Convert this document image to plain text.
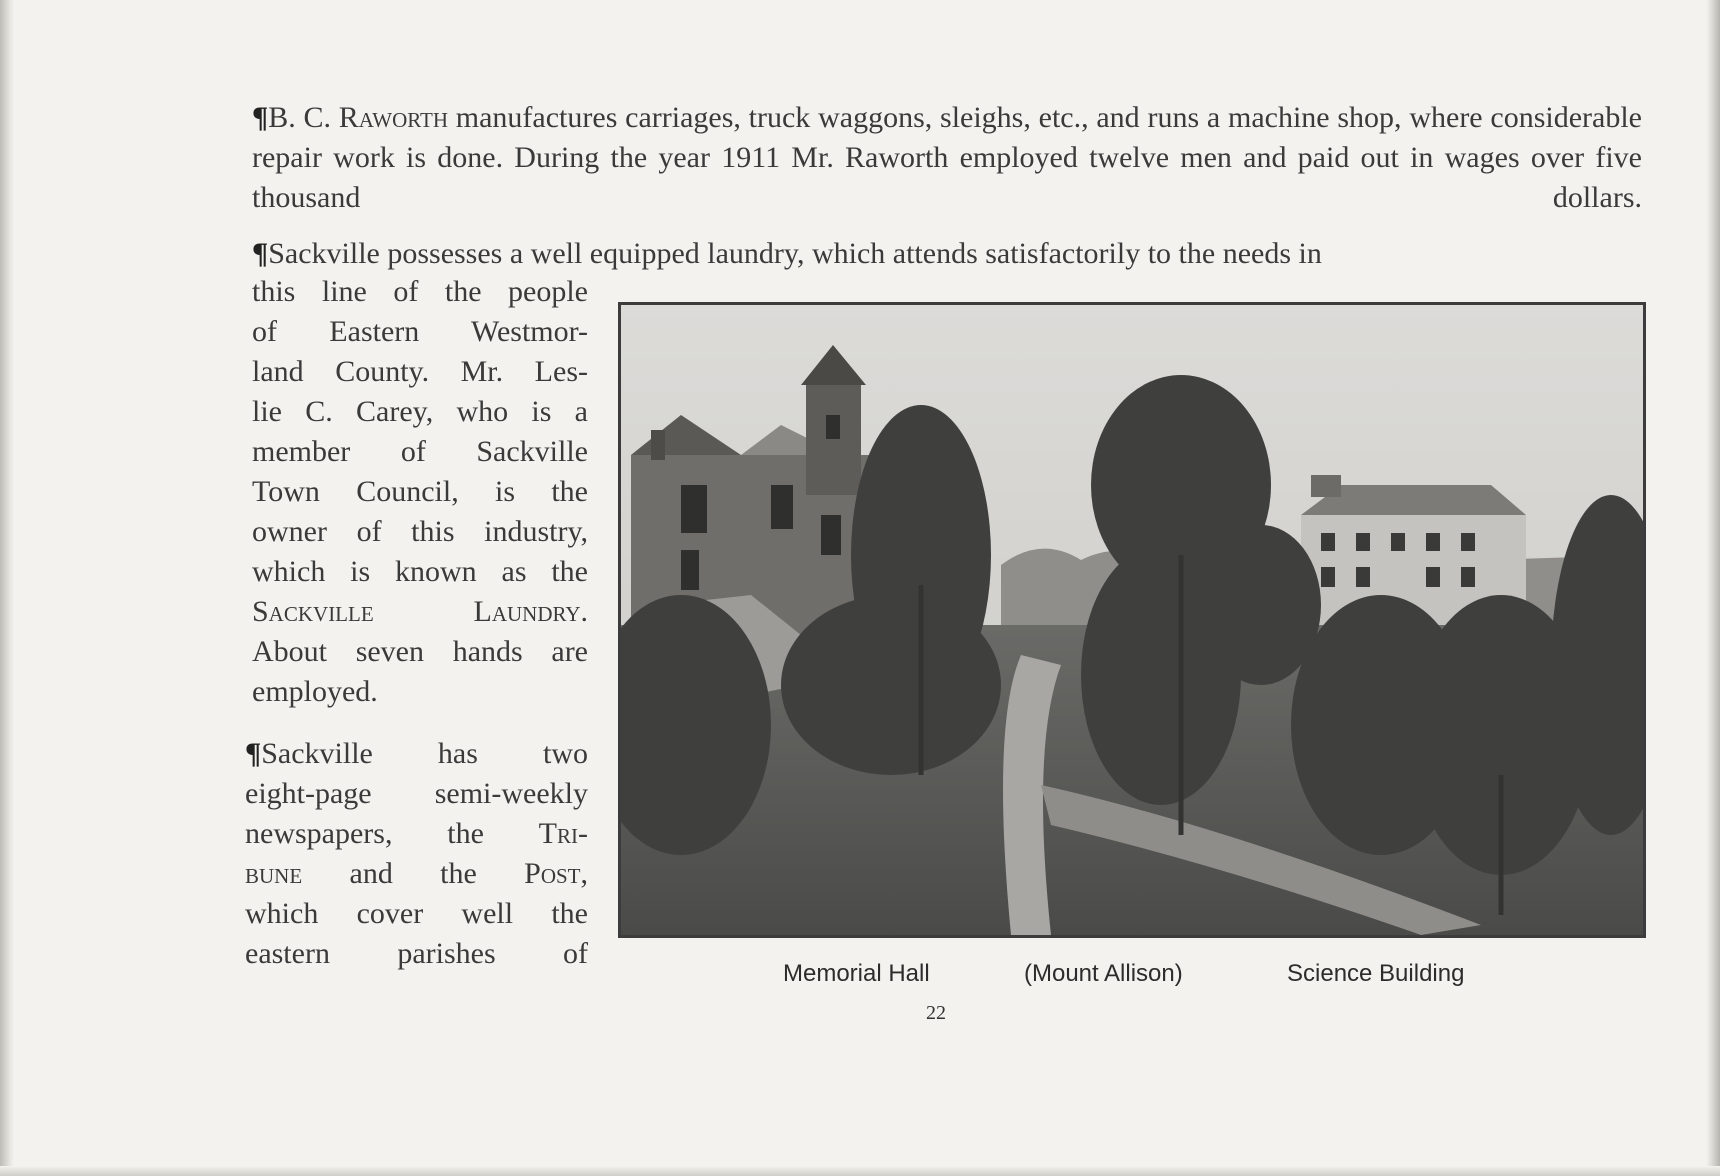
¶B. C. Raworth manufactures carriages, truck waggons, sleighs, etc., and runs a machine shop, where considerable repair work is done. During the year 1911 Mr. Raworth employed twelve men and paid out in wages over five thousand dollars.

¶Sackville possesses a well equipped laundry, which attends satisfactorily to the needs in

this line of the people
of Eastern Westmor-
land County. Mr. Les-
lie C. Carey, who is a
member of Sackville
Town Council, is the
owner of this industry,
which is known as the
Sackville Laundry.
About seven hands are
employed.
¶Sackville has two
eight-page semi-weekly
newspapers, the Tri-
bune and the Post,
which cover well the
eastern parishes of
Memorial Hall	(Mount Allison)	Science Building
22
